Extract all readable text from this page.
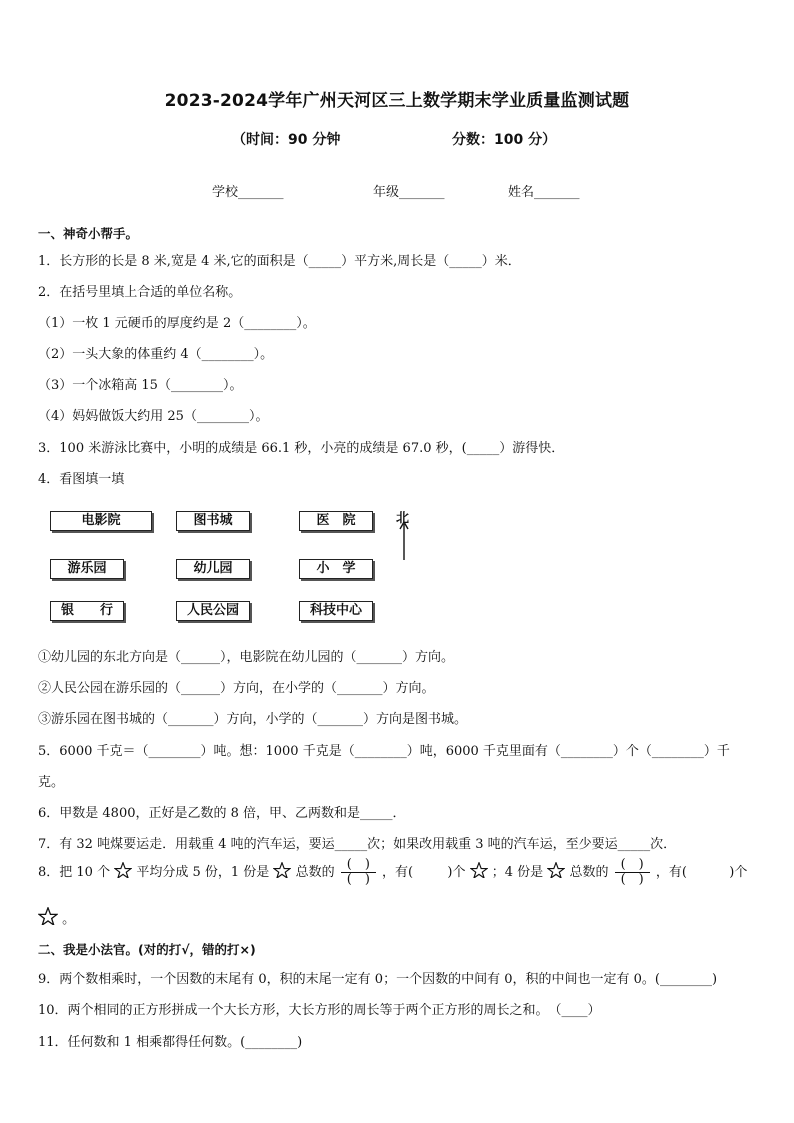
2023-2024学年广州天河区三上数学期末学业质量监测试题
（时间：90 分钟	分数：100 分）
学校_______	年级_______	姓名_______
一、神奇小帮手。
1．长方形的长是 8 米,宽是 4 米,它的面积是（_____）平方米,周长是（_____）米．
2．在括号里填上合适的单位名称。
（1）一枚 1 元硬币的厚度约是 2（________）。
（2）一头大象的体重约 4（________）。
（3）一个冰箱高 15（________）。
（4）妈妈做饭大约用 25（________）。
3．100 米游泳比赛中，小明的成绩是 66.1 秒，小亮的成绩是 67.0 秒，(_____）游得快．
4．看图填一填
电影院	图书城	医　院
游乐园	幼儿园	小　学
银　　行	人民公园	科技中心
北
①幼儿园的东北方向是（______），电影院在幼儿园的（_______）方向。
②人民公园在游乐园的（______）方向，在小学的（_______）方向。
③游乐园在图书城的（_______）方向，小学的（_______）方向是图书城。
5．6000 千克＝（________）吨。想：1000 千克是（________）吨，6000 千克里面有（________）个（________）千
克。
6．甲数是 4800，正好是乙数的 8 倍，甲、乙两数和是_____．
7．有 32 吨煤要运走．用载重 4 吨的汽车运，要运_____次；如果改用载重 3 吨的汽车运，至少要运_____次．
8．把 10 个 平均分成 5 份，1 份是 总数的 $\frac{( )}{( )}$ ，有(	)个 ；4 份是 总数的 $\frac{( )}{( )}$ ，有(	)个
。
二、我是小法官。(对的打√，错的打×)
9．两个数相乘时，一个因数的末尾有 0，积的末尾一定有 0；一个因数的中间有 0，积的中间也一定有 0。(________)
10．两个相同的正方形拼成一个大长方形，大长方形的周长等于两个正方形的周长之和。　（____）
11．任何数和 1 相乘都得任何数。(________)
